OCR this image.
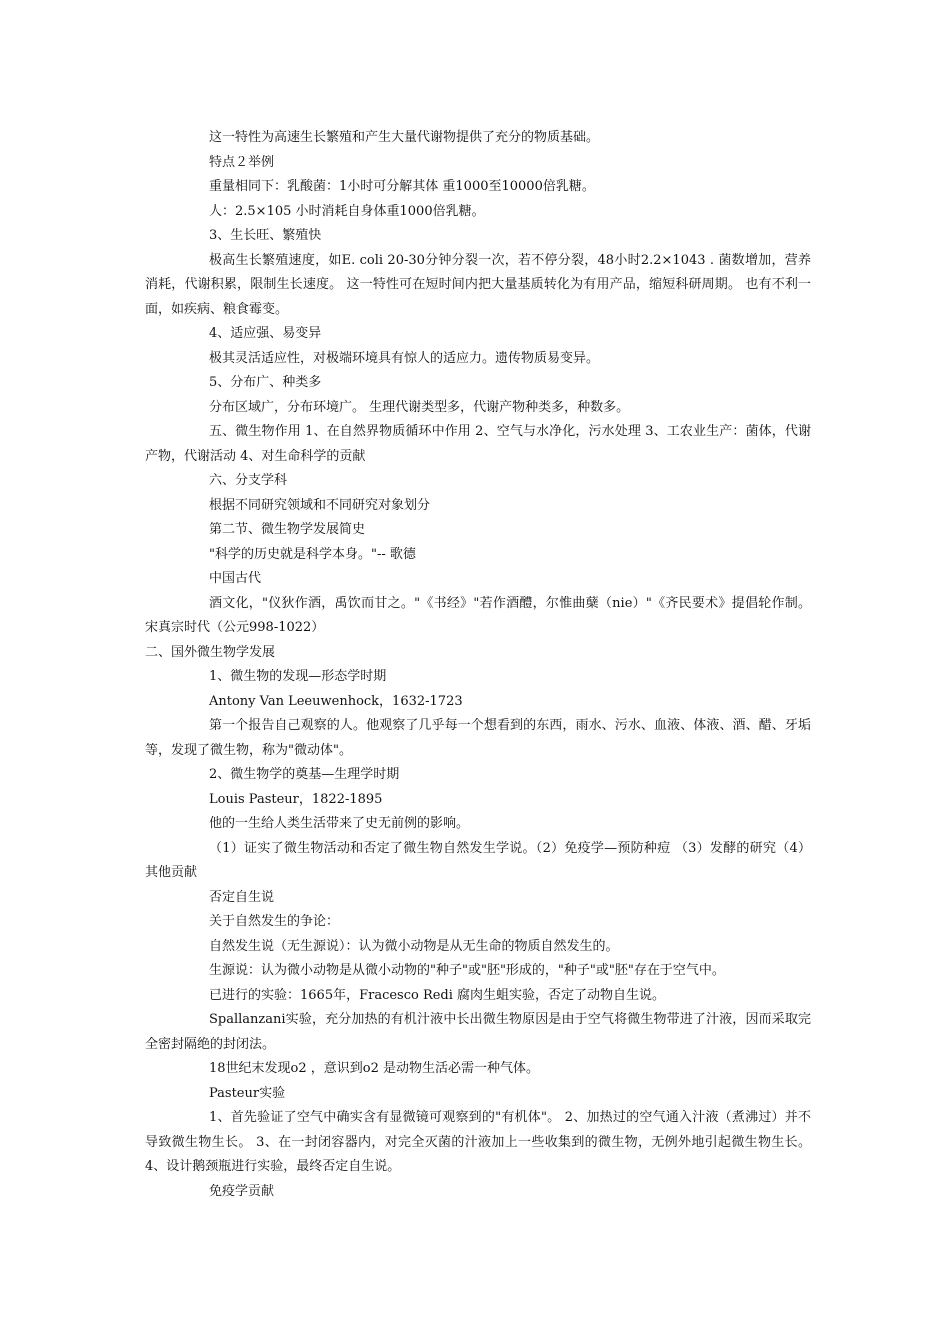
这一特性为高速生长繁殖和产生大量代谢物提供了充分的物质基础。

特点２举例

重量相同下：乳酸菌：1小时可分解其体 重1000至10000倍乳糖。

人：2.5×105 小时消耗自身体重1000倍乳糖。

3、生长旺、繁殖快

极高生长繁殖速度，如E. coli 20-30分钟分裂一次，若不停分裂，48小时2.2×1043 . 菌数增加，营养消耗，代谢积累，限制生长速度。 这一特性可在短时间内把大量基质转化为有用产品，缩短科研周期。 也有不利一面，如疾病、粮食霉变。

4、适应强、易变异

极其灵活适应性，对极端环境具有惊人的适应力。遗传物质易变异。

5、分布广、种类多

分布区域广，分布环境广。 生理代谢类型多，代谢产物种类多，种数多。

五、微生物作用 1、在自然界物质循环中作用 2、空气与水净化，污水处理 3、工农业生产：菌体，代谢产物，代谢活动 4、对生命科学的贡献

六、分支学科

根据不同研究领域和不同研究对象划分

第二节、微生物学发展简史

"科学的历史就是科学本身。"-- 歌德

中国古代

酒文化，"仪狄作酒，禹饮而甘之。"《书经》"若作酒醴，尔惟曲蘖（nie）"《齐民要术》提倡轮作制。 宋真宗时代（公元998-1022）

二、国外微生物学发展

1、微生物的发现—形态学时期

Antony Van Leeuwenhock，1632-1723

第一个报告自己观察的人。他观察了几乎每一个想看到的东西，雨水、污水、血液、体液、酒、醋、牙垢等，发现了微生物，称为"微动体"。

2、微生物学的奠基—生理学时期

Louis Pasteur，1822-1895

他的一生给人类生活带来了史无前例的影响。

（1）证实了微生物活动和否定了微生物自然发生学说。（2）免疫学—预防种痘 （3）发酵的研究（4）其他贡献

否定自生说

关于自然发生的争论：

自然发生说（无生源说）：认为微小动物是从无生命的物质自然发生的。

生源说：认为微小动物是从微小动物的"种子"或"胚"形成的，"种子"或"胚"存在于空气中。

已进行的实验：1665年，Fracesco Redi 腐肉生蛆实验，否定了动物自生说。

Spallanzani实验，充分加热的有机汁液中长出微生物原因是由于空气将微生物带进了汁液，因而采取完全密封隔绝的封闭法。

18世纪末发现o2 ，意识到o2 是动物生活必需一种气体。

Pasteur实验

1、首先验证了空气中确实含有显微镜可观察到的"有机体"。 2、加热过的空气通入汁液（煮沸过）并不导致微生物生长。 3、在一封闭容器内，对完全灭菌的汁液加上一些收集到的微生物，无例外地引起微生物生长。 4、设计鹅颈瓶进行实验，最终否定自生说。

免疫学贡献
